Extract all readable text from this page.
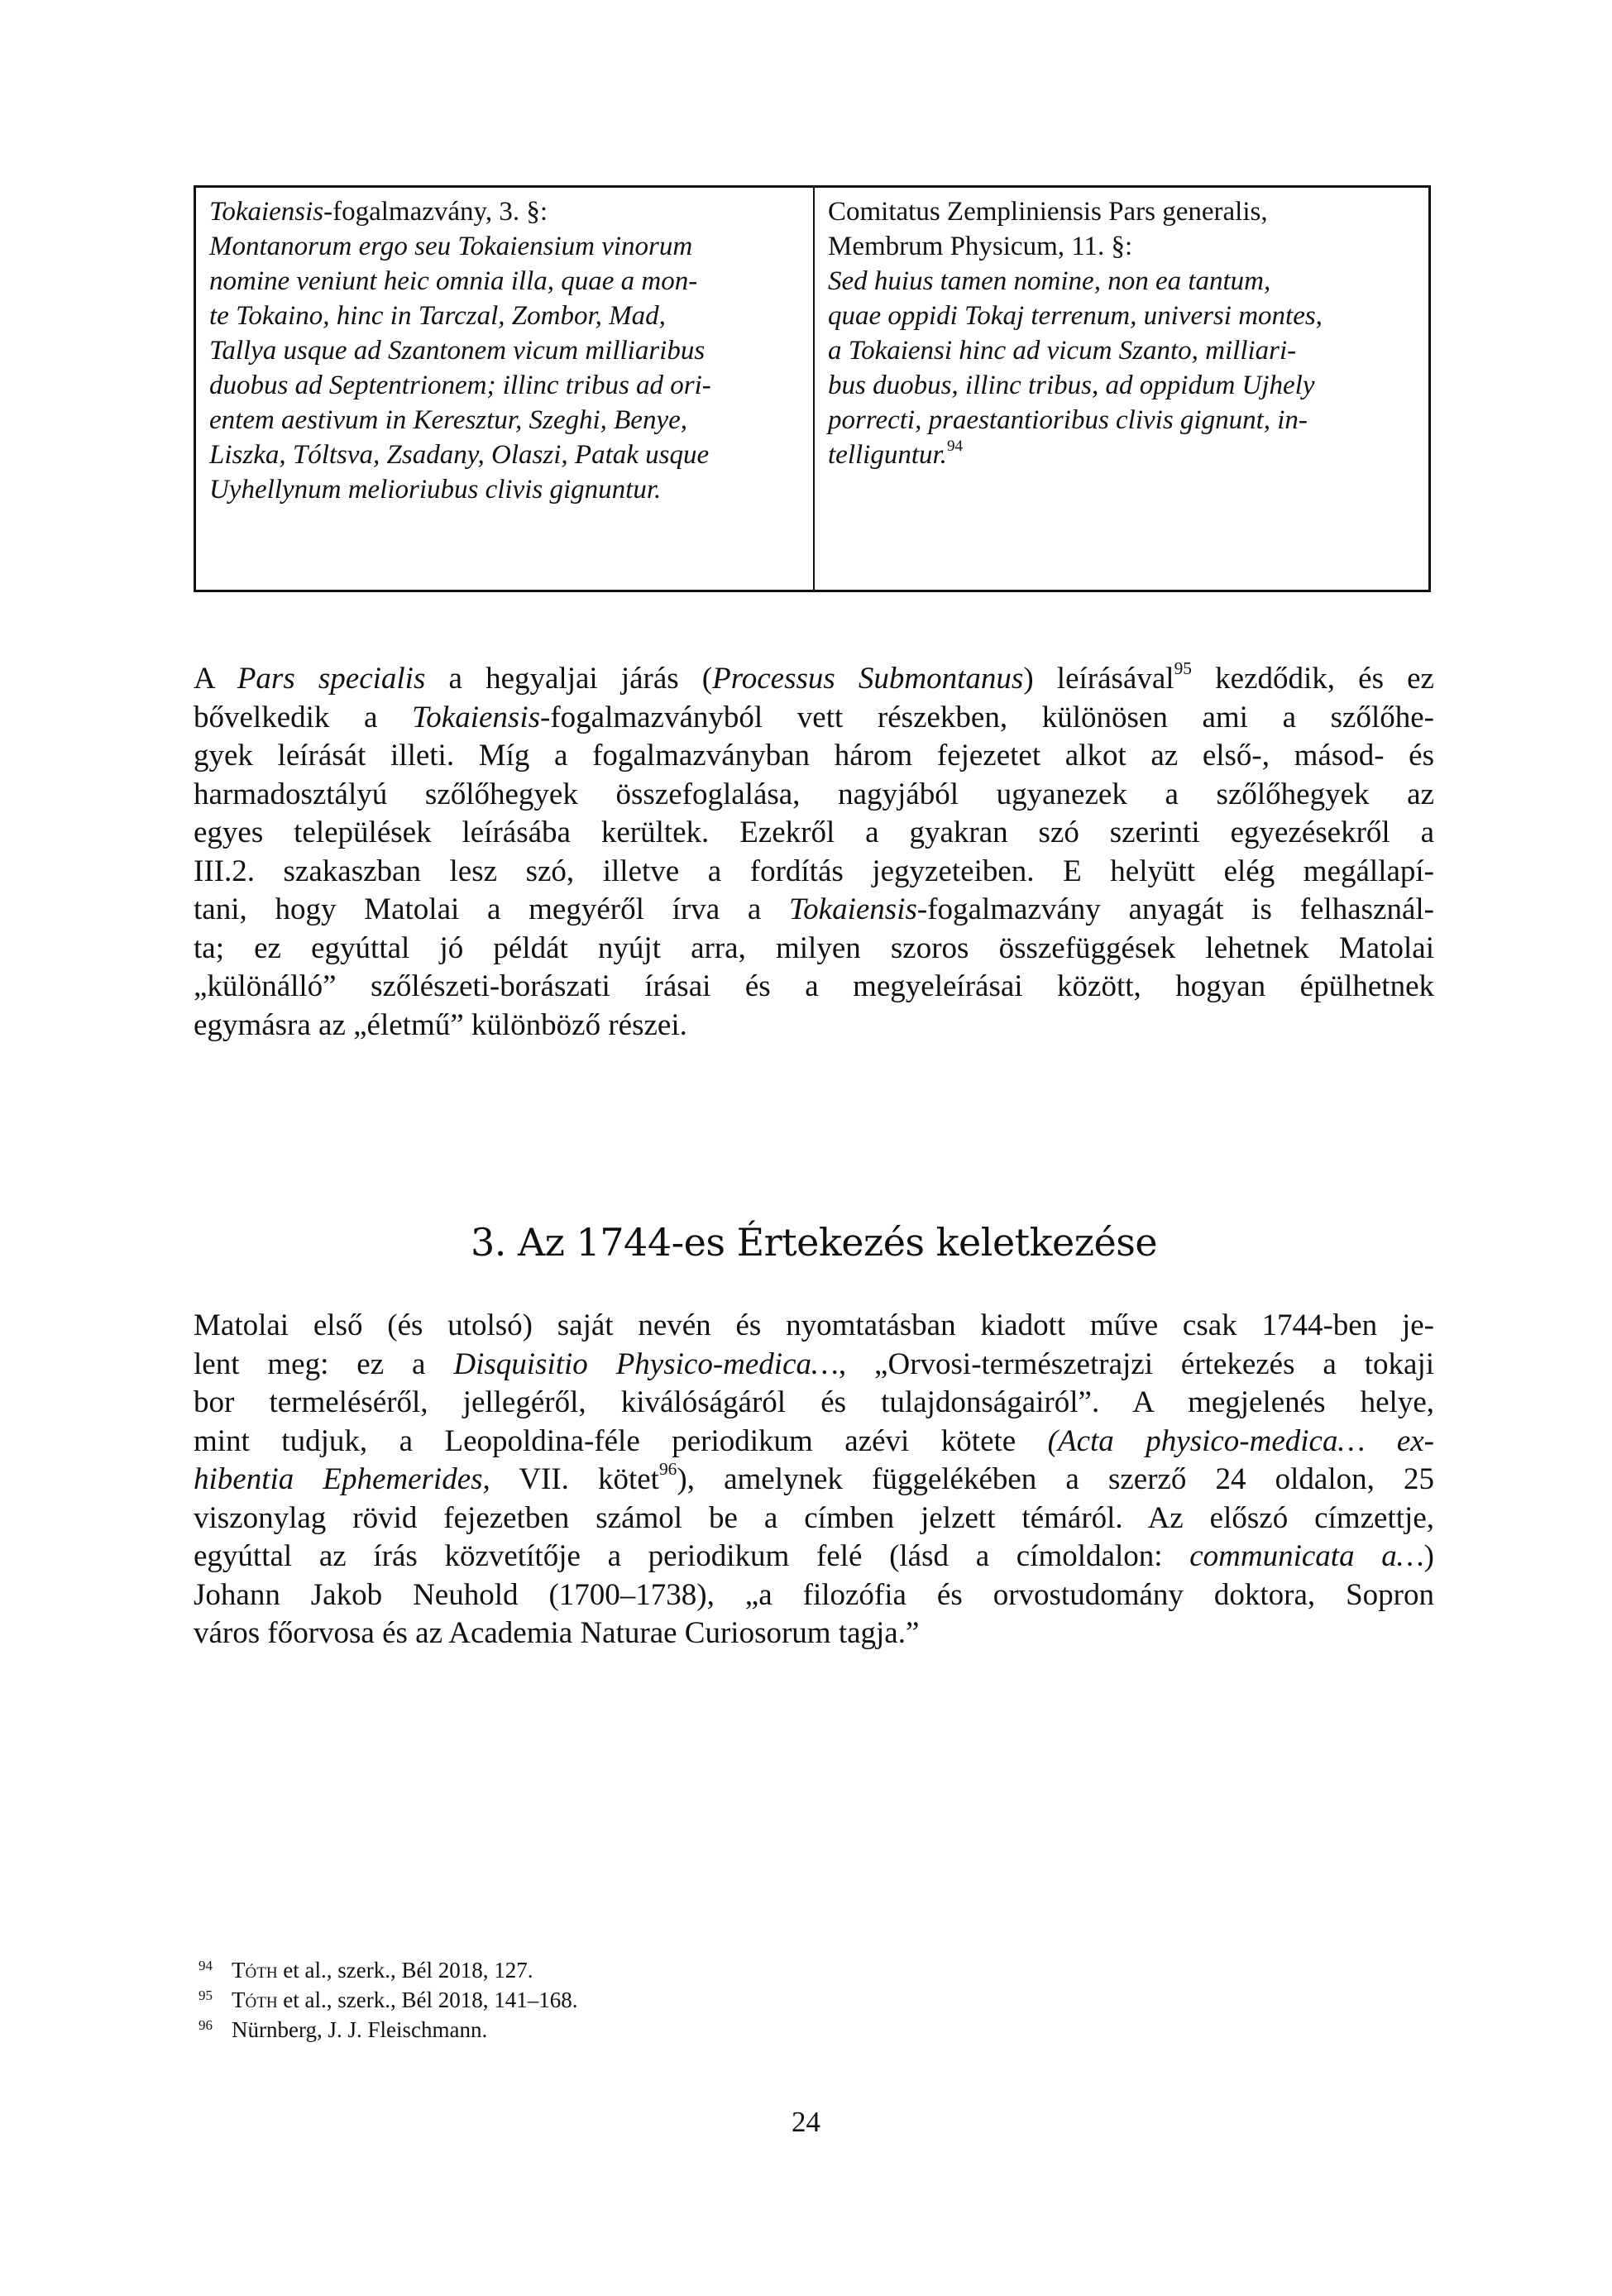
Tokaiensis-fogalmazvány, 3. §:
Montanorum ergo seu Tokaiensium vinorum
nomine veniunt heic omnia illa, quae a mon-
te Tokaino, hinc in Tarczal, Zombor, Mad,
Tallya usque ad Szantonem vicum milliaribus
duobus ad Septentrionem; illinc tribus ad ori-
entem aestivum in Keresztur, Szeghi, Benye,
Liszka, Tóltsva, Zsadany, Olaszi, Patak usque
Uyhellynum melioriubus clivis gignuntur.
Comitatus Zempliniensis Pars generalis,
Membrum Physicum, 11. §:
Sed huius tamen nomine, non ea tantum,
quae oppidi Tokaj terrenum, universi montes,
a Tokaiensi hinc ad vicum Szanto, milliari-
bus duobus, illinc tribus, ad oppidum Ujhely
porrecti, praestantioribus clivis gignunt, in-
telliguntur.$^{94}$
A Pars specialis a hegyaljai járás (Processus Submontanus) leírásával$^{95}$ kezdődik, és ez
bővelkedik a Tokaiensis-fogalmazványból vett részekben, különösen ami a szőlőhe-
gyek leírását illeti. Míg a fogalmazványban három fejezetet alkot az első-, másod- és
harmadosztályú szőlőhegyek összefoglalása, nagyjából ugyanezek a szőlőhegyek az
egyes települések leírásába kerültek. Ezekről a gyakran szó szerinti egyezésekről a
III.2. szakaszban lesz szó, illetve a fordítás jegyzeteiben. E helyütt elég megállapí-
tani, hogy Matolai a megyéről írva a Tokaiensis-fogalmazvány anyagát is felhasznál-
ta; ez egyúttal jó példát nyújt arra, milyen szoros összefüggések lehetnek Matolai
„különálló” szőlészeti-borászati írásai és a megyeleírásai között, hogyan épülhetnek
egymásra az „életmű” különböző részei.
3. Az 1744-es Értekezés keletkezése
Matolai első (és utolsó) saját nevén és nyomtatásban kiadott műve csak 1744-ben je-
lent meg: ez a Disquisitio Physico-medica…, „Orvosi-természetrajzi értekezés a tokaji
bor termeléséről, jellegéről, kiválóságáról és tulajdonságairól”. A megjelenés helye,
mint tudjuk, a Leopoldina-féle periodikum azévi kötete (Acta physico-medica… ex-
hibentia Ephemerides, VII. kötet$^{96}$), amelynek függelékében a szerző 24 oldalon, 25
viszonylag rövid fejezetben számol be a címben jelzett témáról. Az előszó címzettje,
egyúttal az írás közvetítője a periodikum felé (lásd a címoldalon: communicata a…)
Johann Jakob Neuhold (1700–1738), „a filozófia és orvostudomány doktora, Sopron
város főorvosa és az Academia Naturae Curiosorum tagja.”
94 Tóth et al., szerk., Bél 2018, 127.
95 Tóth et al., szerk., Bél 2018, 141–168.
96 Nürnberg, J. J. Fleischmann.
24
